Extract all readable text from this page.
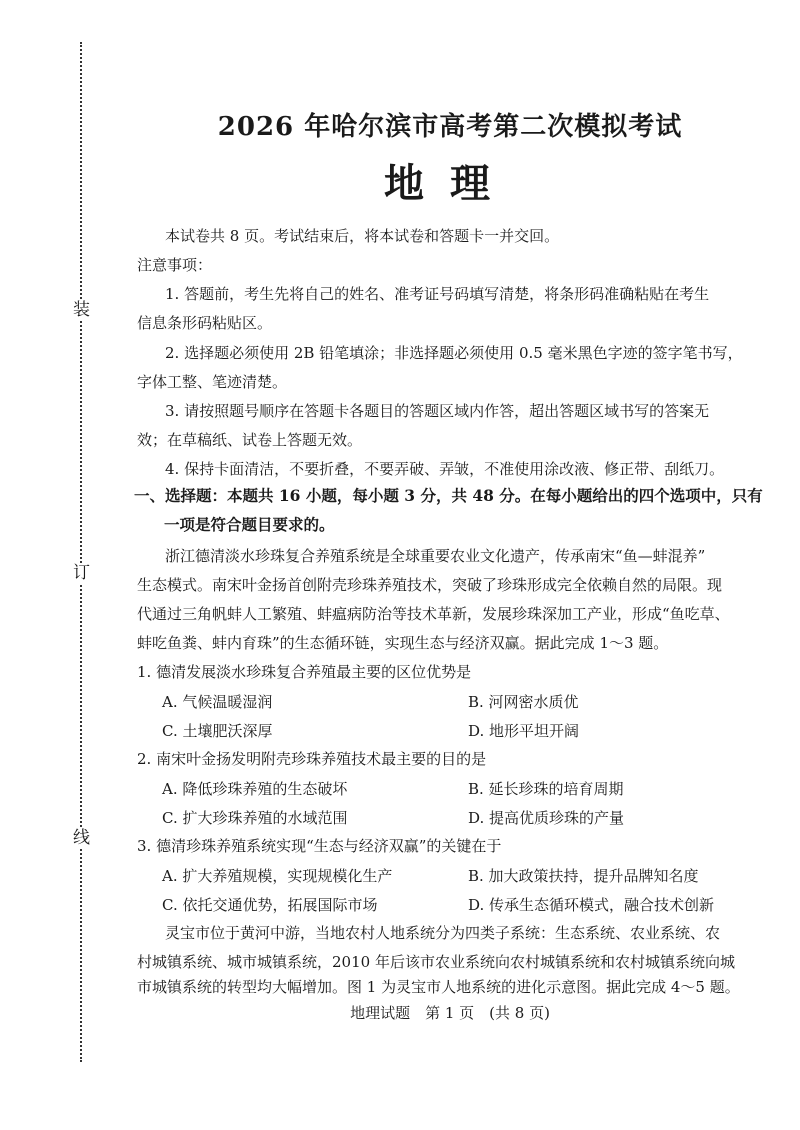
装
订
线
2026 年哈尔滨市高考第二次模拟考试
地理
本试卷共 8 页。考试结束后，将本试卷和答题卡一并交回。
注意事项：
1. 答题前，考生先将自己的姓名、准考证号码填写清楚，将条形码准确粘贴在考生
信息条形码粘贴区。
2. 选择题必须使用 2B 铅笔填涂；非选择题必须使用 0.5 毫米黑色字迹的签字笔书写，
字体工整、笔迹清楚。
3. 请按照题号顺序在答题卡各题目的答题区域内作答，超出答题区域书写的答案无
效；在草稿纸、试卷上答题无效。
4. 保持卡面清洁，不要折叠，不要弄破、弄皱，不准使用涂改液、修正带、刮纸刀。
一、选择题：本题共 16 小题，每小题 3 分，共 48 分。在每小题给出的四个选项中，只有
一项是符合题目要求的。
浙江德清淡水珍珠复合养殖系统是全球重要农业文化遗产，传承南宋“鱼—蚌混养”
生态模式。南宋叶金扬首创附壳珍珠养殖技术，突破了珍珠形成完全依赖自然的局限。现
代通过三角帆蚌人工繁殖、蚌瘟病防治等技术革新，发展珍珠深加工产业，形成“鱼吃草、
蚌吃鱼粪、蚌内育珠”的生态循环链，实现生态与经济双赢。据此完成 1～3 题。
1. 德清发展淡水珍珠复合养殖最主要的区位优势是
A. 气候温暖湿润	B. 河网密水质优
C. 土壤肥沃深厚	D. 地形平坦开阔
2. 南宋叶金扬发明附壳珍珠养殖技术最主要的目的是
A. 降低珍珠养殖的生态破坏	B. 延长珍珠的培育周期
C. 扩大珍珠养殖的水域范围	D. 提高优质珍珠的产量
3. 德清珍珠养殖系统实现“生态与经济双赢”的关键在于
A. 扩大养殖规模，实现规模化生产	B. 加大政策扶持，提升品牌知名度
C. 依托交通优势，拓展国际市场	D. 传承生态循环模式，融合技术创新
灵宝市位于黄河中游，当地农村人地系统分为四类子系统：生态系统、农业系统、农
村城镇系统、城市城镇系统，2010 年后该市农业系统向农村城镇系统和农村城镇系统向城
市城镇系统的转型均大幅增加。图 1 为灵宝市人地系统的进化示意图。据此完成 4～5 题。
地理试题　第 1 页　(共 8 页)
